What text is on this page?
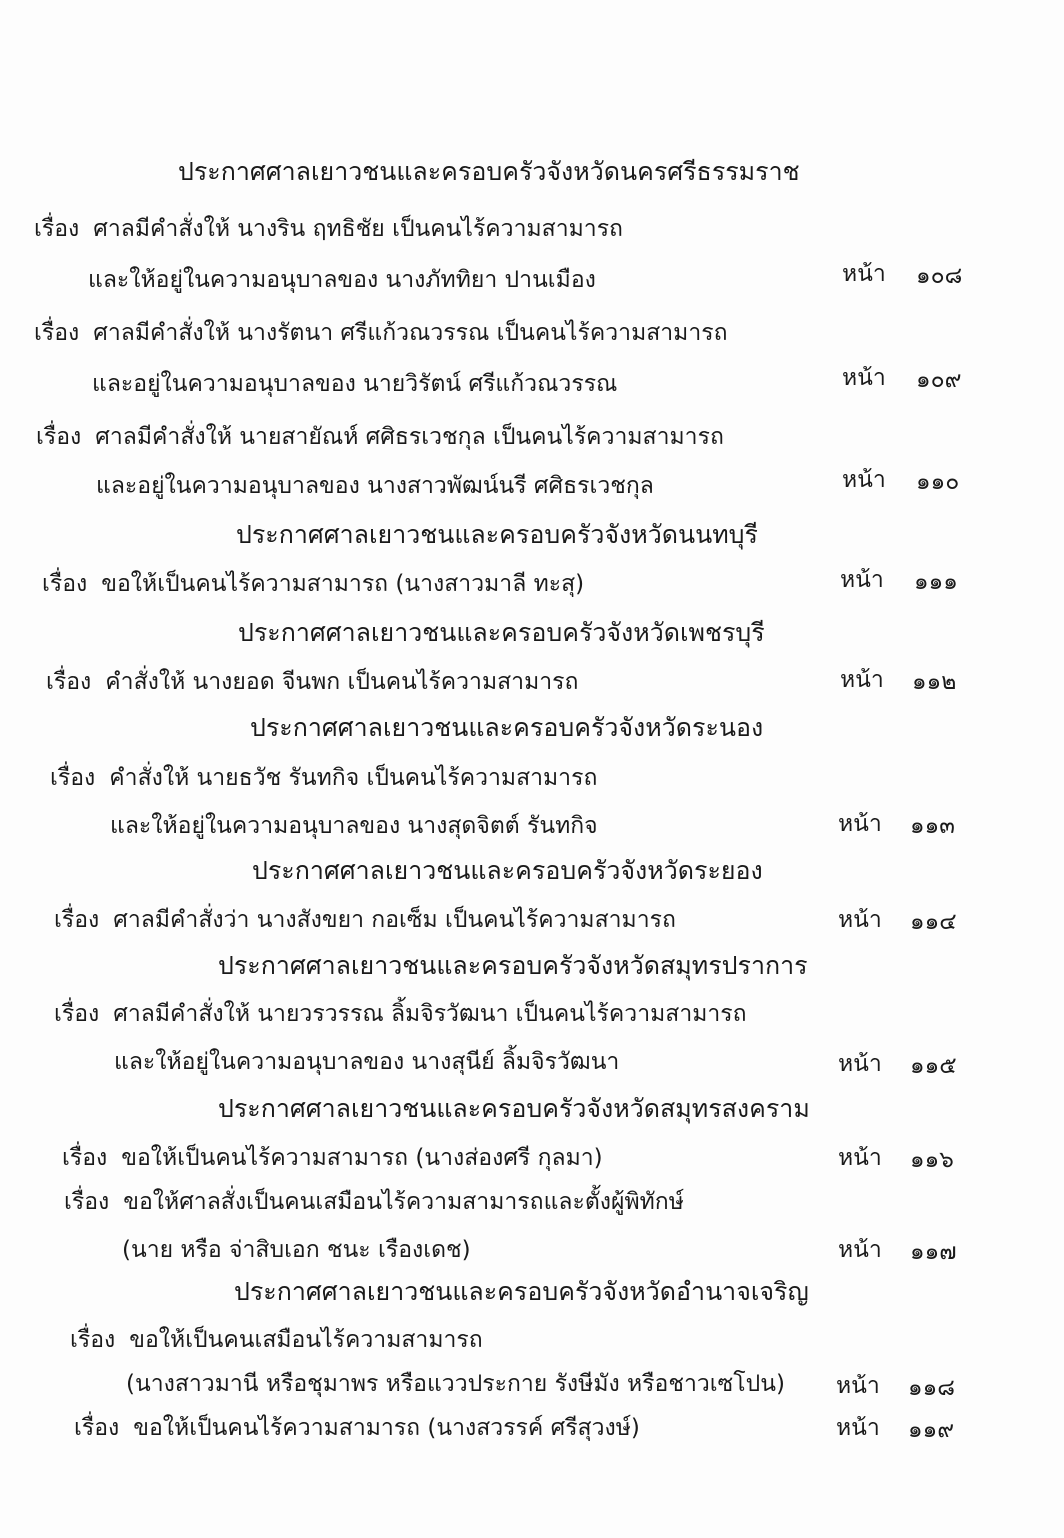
ประกาศศาลเยาวชนและครอบครัวจังหวัดนครศรีธรรมราช
เรื่อง ศาลมีคำสั่งให้ นางริน ฤทธิชัย เป็นคนไร้ความสามารถ
และให้อยู่ในความอนุบาลของ นางภัททิยา ปานเมือง	หน้า ๑๐๘
เรื่อง ศาลมีคำสั่งให้ นางรัตนา ศรีแก้วณวรรณ เป็นคนไร้ความสามารถ
และอยู่ในความอนุบาลของ นายวิรัตน์ ศรีแก้วณวรรณ	หน้า ๑๐๙
เรื่อง ศาลมีคำสั่งให้ นายสายัณห์ ศศิธรเวชกุล เป็นคนไร้ความสามารถ
และอยู่ในความอนุบาลของ นางสาวพัฒน์นรี ศศิธรเวชกุล	หน้า ๑๑๐
ประกาศศาลเยาวชนและครอบครัวจังหวัดนนทบุรี
เรื่อง ขอให้เป็นคนไร้ความสามารถ (นางสาวมาลี ทะสุ)	หน้า ๑๑๑
ประกาศศาลเยาวชนและครอบครัวจังหวัดเพชรบุรี
เรื่อง คำสั่งให้ นางยอด จีนพก เป็นคนไร้ความสามารถ	หน้า ๑๑๒
ประกาศศาลเยาวชนและครอบครัวจังหวัดระนอง
เรื่อง คำสั่งให้ นายธวัช รันทกิจ เป็นคนไร้ความสามารถ
และให้อยู่ในความอนุบาลของ นางสุดจิตต์ รันทกิจ	หน้า ๑๑๓
ประกาศศาลเยาวชนและครอบครัวจังหวัดระยอง
เรื่อง ศาลมีคำสั่งว่า นางสังขยา กอเซ็ม เป็นคนไร้ความสามารถ	หน้า ๑๑๔
ประกาศศาลเยาวชนและครอบครัวจังหวัดสมุทรปราการ
เรื่อง ศาลมีคำสั่งให้ นายวรวรรณ ลิ้มจิรวัฒนา เป็นคนไร้ความสามารถ
และให้อยู่ในความอนุบาลของ นางสุนีย์ ลิ้มจิรวัฒนา	หน้า ๑๑๕
ประกาศศาลเยาวชนและครอบครัวจังหวัดสมุทรสงคราม
เรื่อง ขอให้เป็นคนไร้ความสามารถ (นางส่องศรี กุลมา)	หน้า ๑๑๖
เรื่อง ขอให้ศาลสั่งเป็นคนเสมือนไร้ความสามารถและตั้งผู้พิทักษ์
(นาย หรือ จ่าสิบเอก ชนะ เรืองเดช)	หน้า ๑๑๗
ประกาศศาลเยาวชนและครอบครัวจังหวัดอำนาจเจริญ
เรื่อง ขอให้เป็นคนเสมือนไร้ความสามารถ
(นางสาวมานี หรือชุมาพร หรือแววประกาย รังษีมัง หรือชาวเซโปน) หน้า ๑๑๘
เรื่อง ขอให้เป็นคนไร้ความสามารถ (นางสวรรค์ ศรีสุวงษ์)	หน้า ๑๑๙
